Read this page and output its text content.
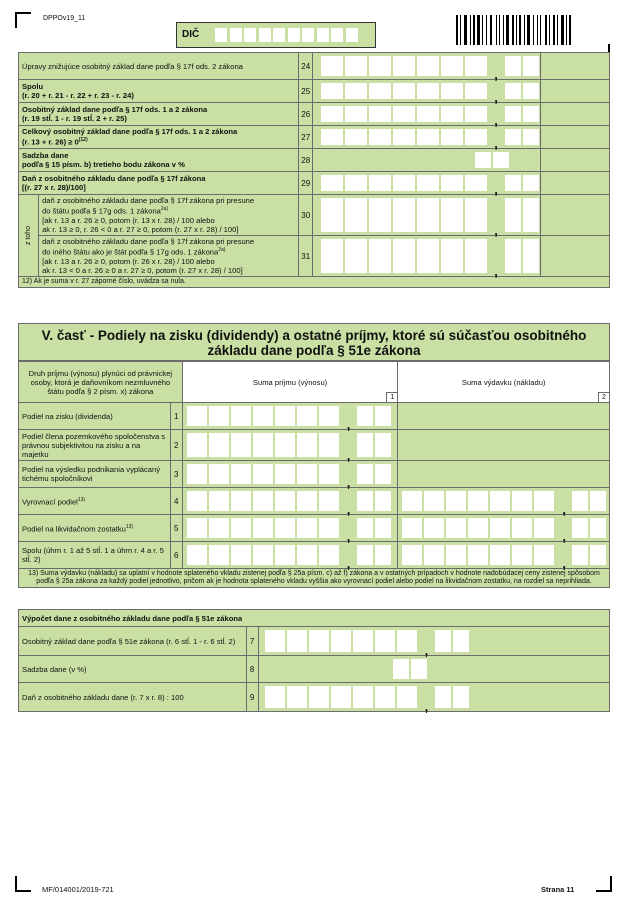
DPPOv19_11
DIČ
Úpravy znižujúce osobitný základ dane podľa § 17f ods. 2 zákona		24	,	

Spolu
(r. 20 + r. 21 - r. 22 + r. 23 - r. 24)		25	,	

Osobitný základ dane podľa § 17f ods. 1 a 2 zákona
(r. 19 stĺ. 1 - r. 19 stĺ. 2 + r. 25)		26	,	

Celkový osobitný základ dane podľa § 17f ods. 1 a 2 zákona
(r. 13 + r. $26) \ge 0^{(12)}$		27	,	

Sadzba dane
podľa § 15 písm. b) tretieho bodu zákona v %		28	

Daň z osobitného základu dane podľa § 17f zákona
[(r. 27 x r. 28)/100]		29	,	

z toho	daň z osobitného základu dane podľa § 17f zákona pri presune
do štátu podľa § 17g ods. 1 zákona$^{2a)}$
[ak r. 13 a r. 26 ≥ 0, potom (r. 13 x r. 28) / 100 alebo
ak r. 13 ≥ 0, r. 26 < 0 a r. 27 ≥ 0, potom (r. 27 x r. 28) / 100]	30	,	

	daň z osobitného základu dane podľa § 17f zákona pri presune
do iného štátu ako je štát podľa § 17g ods. 1 zákona$^{2a)}$
[ak r. 13 a r. 26 ≥ 0, potom (r. 26 x r. 28) / 100 alebo
ak r. 13 < 0 a r. 26 ≥ 0 a r. 27 ≥ 0, potom (r. 27 x r. 28) / 100]	31	,	

12) Ak je suma v r. 27 záporné číslo, uvádza sa nula.				
V. časť - Podiely na zisku (dividendy) a ostatné príjmy, ktoré sú súčasťou osobitného základu dane podľa § 51e zákona
Druh príjmu (výnosu) plynúci od právnickej osoby, ktorá je daňovníkom nezmluvného štátu podľa § 2 písm. x) zákona		Suma príjmu (výnosu)
1	Suma výdavku (nákladu)
2

Podiel na zisku (dividenda)	1	,	

Podiel člena pozemkového spoločenstva s právnou subjektivitou na zisku a na majetku	2	,	

Podiel na výsledku podnikania vyplácaný tichému spoločníkovi	3	,	

Vyrovnací podiel$^{13)}$	4	,	,

Podiel na likvidačnom zostatku$^{13)}$	5	,	,

Spolu (úhrn r. 1 až 5 stĺ. 1 a úhrn r. 4 a r. 5 stĺ. 2)	6	,	,

13) Suma výdavku (nákladu) sa uplatní v hodnote splateného vkladu zistenej podľa § 25a písm. c) až f) zákona a v ostatných prípadoch v hodnote nadobúdacej ceny zistenej spôsobom podľa § 25a zákona za každý podiel jednotlivo, pričom ak je hodnota splateného vkladu vyššia ako vyrovnací podiel alebo podiel na likvidačnom zostatku, na rozdiel sa neprihliada.			
Výpočet dane z osobitného základu dane podľa § 51e zákona		
Osobitný základ dane podľa § 51e zákona (r. 6 stĺ. 1 - r. 6 stĺ. 2)	7	,

Sadzba dane (v %)	8	

Daň z osobitného základu dane (r. 7 x r. 8) : 100	9	,
MF/014001/2019-721	Strana 11
